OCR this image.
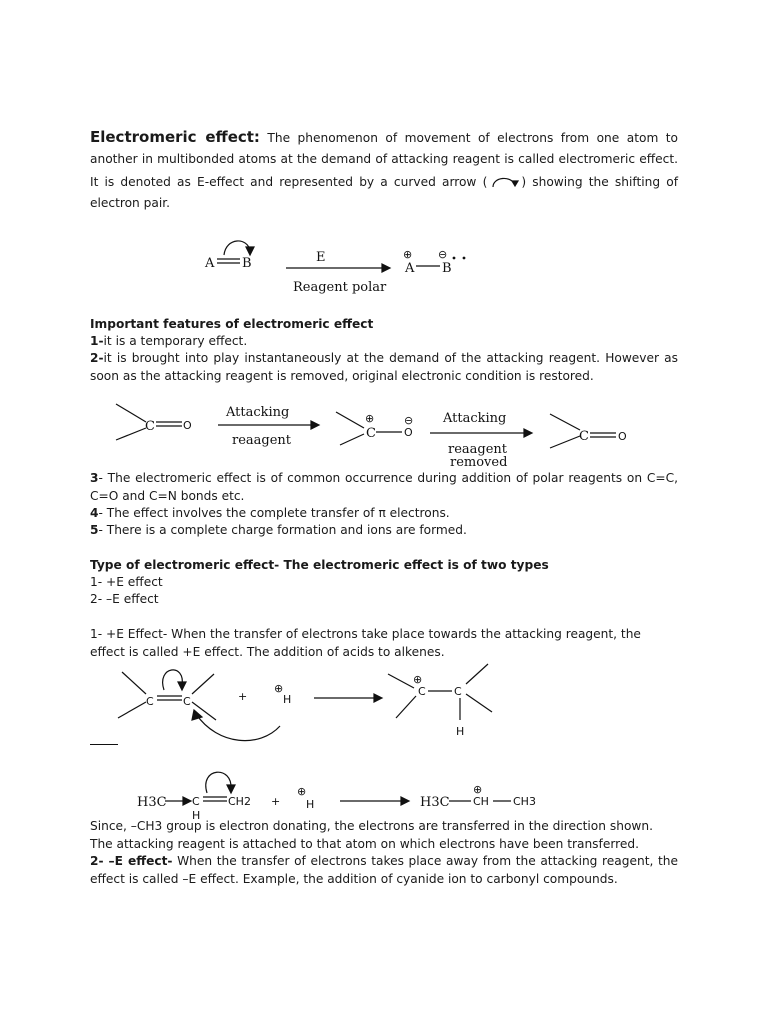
Electromeric effect: The phenomenon of movement of electrons from one atom to another in multibonded atoms at the demand of attacking reagent is called electromeric effect. It is denoted as E-effect and represented by a curved arrow (	) showing the shifting of electron pair.

A B	E
Reagent polar
⊕ ⊖
A B

Important features of electromeric effect

1-it is a temporary effect.

2-it is brought into play instantaneously at the demand of the attacking reagent. However as soon as the attacking reagent is removed, original electronic condition is restored.

C	O
Attacking
reaagent
⊕
C
⊖
O
Attacking
reaagent
removed
C	O

3- The electromeric effect is of common occurrence during addition of polar reagents on C=C, C=O and C=N bonds etc.

4- The effect involves the complete transfer of π electrons.

5- There is a complete charge formation and ions are formed.

Type of electromeric effect- The electromeric effect is of two types

1- +E effect

2- –E effect

1- +E Effect- When the transfer of electrons take place towards the attacking reagent, the effect is called +E effect. The addition of acids to alkenes.

C	C	+
⊕
H
⊕
C	C
H
H3C C
H
CH2 +
⊕
H	H3C
⊕
CH CH3

Since, –CH3 group is electron donating, the electrons are transferred in the direction shown. The attacking reagent is attached to that atom on which electrons have been transferred.

2- –E effect- When the transfer of electrons takes place away from the attacking reagent, the effect is called –E effect. Example, the addition of cyanide ion to carbonyl compounds.
